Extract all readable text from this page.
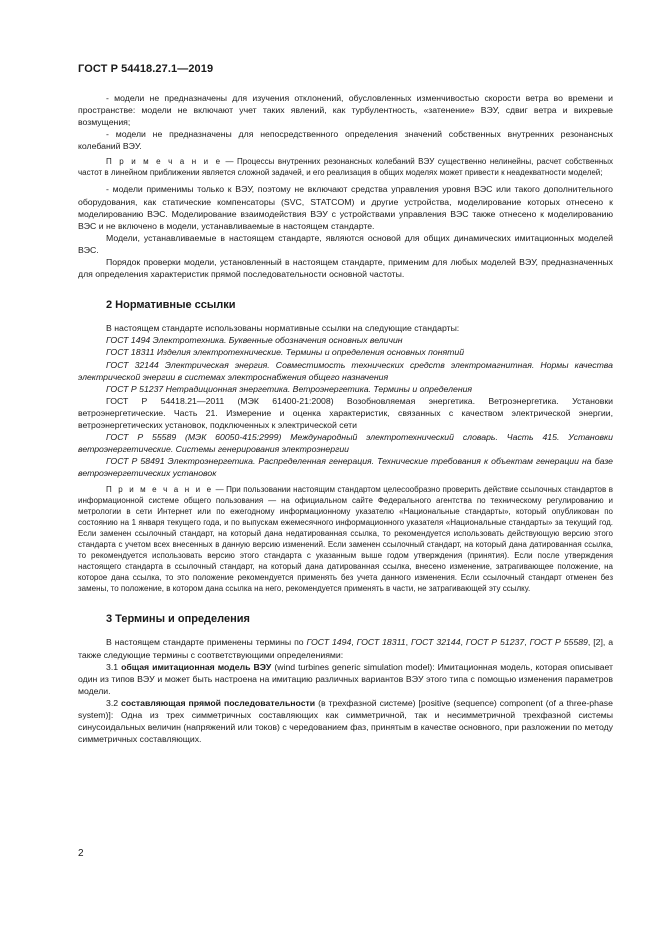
ГОСТ Р 54418.27.1—2019

- модели не предназначены для изучения отклонений, обусловленных изменчивостью скорости ветра во времени и пространстве: модели не включают учет таких явлений, как турбулентность, «затенение» ВЭУ, сдвиг ветра и вихревые возмущения;

- модели не предназначены для непосредственного определения значений собственных внутренних резонансных колебаний ВЭУ.

П р и м е ч а н и е — Процессы внутренних резонансных колебаний ВЭУ существенно нелинейны, расчет собственных частот в линейном приближении является сложной задачей, и его реализация в общих моделях может привести к неадекватности моделей;

- модели применимы только к ВЭУ, поэтому не включают средства управления уровня ВЭС или такого дополнительного оборудования, как статические компенсаторы (SVC, STATCOM) и другие устройства, моделирование которых отнесено к моделированию ВЭС. Моделирование взаимодействия ВЭУ с устройствами управления ВЭС также отнесено к моделированию ВЭС и не включено в модели, устанавливаемые в настоящем стандарте.

Модели, устанавливаемые в настоящем стандарте, являются основой для общих динамических имитационных моделей ВЭС.

Порядок проверки модели, установленный в настоящем стандарте, применим для любых моделей ВЭУ, предназначенных для определения характеристик прямой последовательности основной частоты.

2 Нормативные ссылки

В настоящем стандарте использованы нормативные ссылки на следующие стандарты:

ГОСТ 1494 Электротехника. Буквенные обозначения основных величин

ГОСТ 18311 Изделия электротехнические. Термины и определения основных понятий

ГОСТ 32144 Электрическая энергия. Совместимость технических средств электромагнитная. Нормы качества электрической энергии в системах электроснабжения общего назначения

ГОСТ Р 51237 Нетрадиционная энергетика. Ветроэнергетика. Термины и определения

ГОСТ Р 54418.21—2011 (МЭК 61400-21:2008) Возобновляемая энергетика. Ветроэнергетика. Установки ветроэнергетические. Часть 21. Измерение и оценка характеристик, связанных с качеством электрической энергии, ветроэнергетических установок, подключенных к электрической сети

ГОСТ Р 55589 (МЭК 60050-415:2999) Международный электротехнический словарь. Часть 415. Установки ветроэнергетические. Системы генерирования электроэнергии

ГОСТ Р 58491 Электроэнергетика. Распределенная генерация. Технические требования к объектам генерации на базе ветроэнергетических установок

П р и м е ч а н и е — При пользовании настоящим стандартом целесообразно проверить действие ссылочных стандартов в информационной системе общего пользования — на официальном сайте Федерального агентства по техническому регулированию и метрологии в сети Интернет или по ежегодному информационному указателю «Национальные стандарты», который опубликован по состоянию на 1 января текущего года, и по выпускам ежемесячного информационного указателя «Национальные стандарты» за текущий год. Если заменен ссылочный стандарт, на который дана недатированная ссылка, то рекомендуется использовать действующую версию этого стандарта с учетом всех внесенных в данную версию изменений. Если заменен ссылочный стандарт, на который дана датированная ссылка, то рекомендуется использовать версию этого стандарта с указанным выше годом утверждения (принятия). Если после утверждения настоящего стандарта в ссылочный стандарт, на который дана датированная ссылка, внесено изменение, затрагивающее положение, на которое дана ссылка, то это положение рекомендуется применять без учета данного изменения. Если ссылочный стандарт отменен без замены, то положение, в котором дана ссылка на него, рекомендуется применять в части, не затрагивающей эту ссылку.

3 Термины и определения

В настоящем стандарте применены термины по ГОСТ 1494, ГОСТ 18311, ГОСТ 32144, ГОСТ Р 51237, ГОСТ Р 55589, [2], а также следующие термины с соответствующими определениями:

3.1 общая имитационная модель ВЭУ (wind turbines generic simulation model): Имитационная модель, которая описывает один из типов ВЭУ и может быть настроена на имитацию различных вариантов ВЭУ этого типа с помощью изменения параметров модели.

3.2 составляющая прямой последовательности (в трехфазной системе) [positive (sequence) component (of a three-phase system)]: Одна из трех симметричных составляющих как симметричной, так и несимметричной трехфазной системы синусоидальных величин (напряжений или токов) с чередованием фаз, принятым в качестве основного, при разложении по методу симметричных составляющих.

2
